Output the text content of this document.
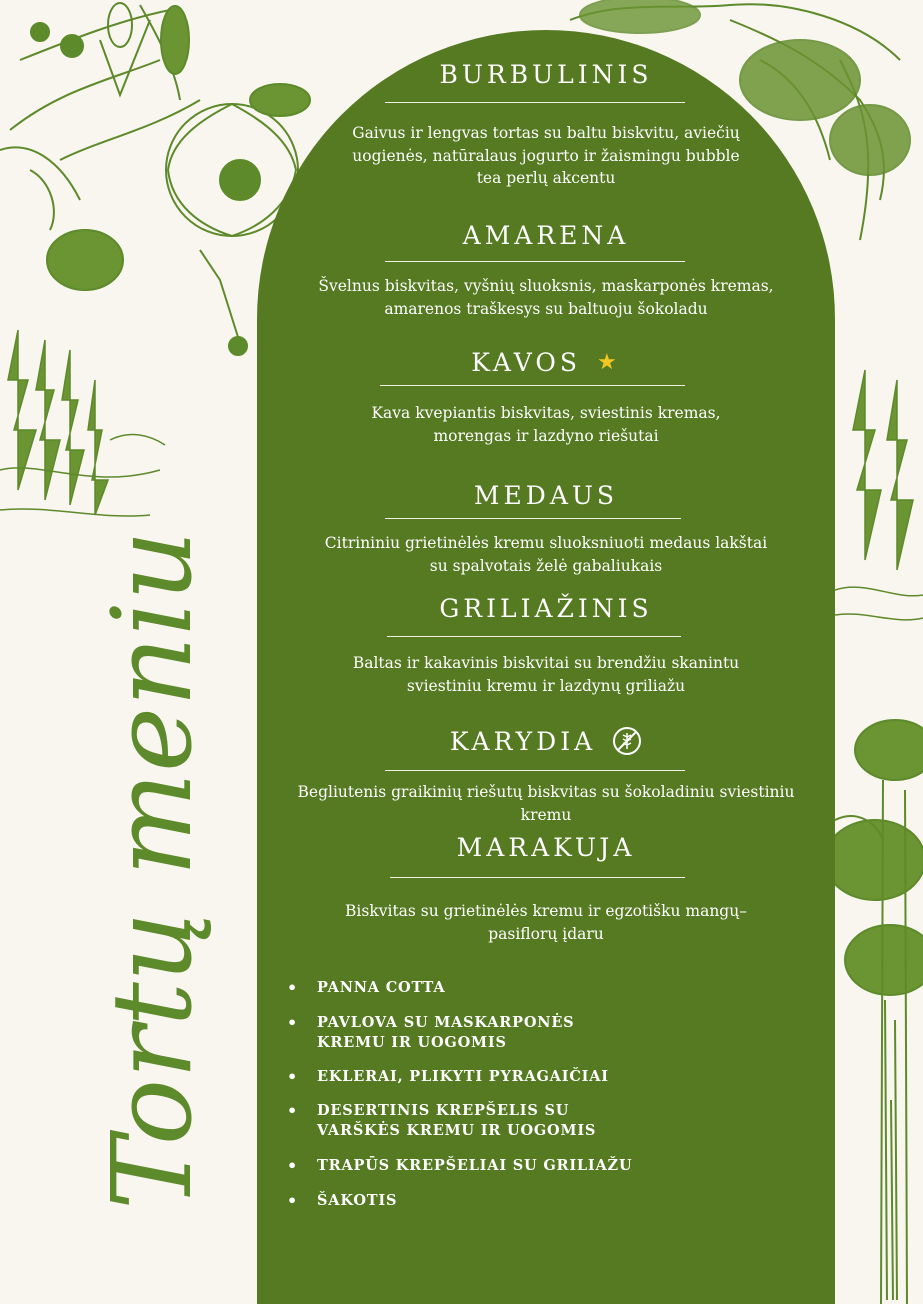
Tortų meniu
BURBULINIS
Gaivus ir lengvas tortas su baltu biskvitu, aviečių
uogienės, natūralaus jogurto ir žaismingu bubble
tea perlų akcentu
AMARENA
Švelnus biskvitas, vyšnių sluoksnis, maskarponės kremas,
amarenos traškesys su baltuoju šokoladu
KAVOS ★
Kava kvepiantis biskvitas, sviestinis kremas,
morengas ir lazdyno riešutai
MEDAUS
Citrininiu grietinėlės kremu sluoksniuoti medaus lakštai
su spalvotais želė gabaliukais
GRILIAŽINIS
Baltas ir kakavinis biskvitai su brendžiu skanintu
sviestiniu kremu ir lazdynų griliažu
KARYDIA
Begliutenis graikinių riešutų biskvitas su šokoladiniu sviestiniu
kremu
MARAKUJA
Biskvitas su grietinėlės kremu ir egzotišku mangų–
pasiflorų įdaru
• PANNA COTTA
• PAVLOVA SU MASKARPONĖS
KREMU IR UOGOMIS
• EKLERAI, PLIKYTI PYRAGAIČIAI
• DESERTINIS KREPŠELIS SU
VARŠKĖS KREMU IR UOGOMIS
• TRAPŪS KREPŠELIAI SU GRILIAŽU
• ŠAKOTIS
